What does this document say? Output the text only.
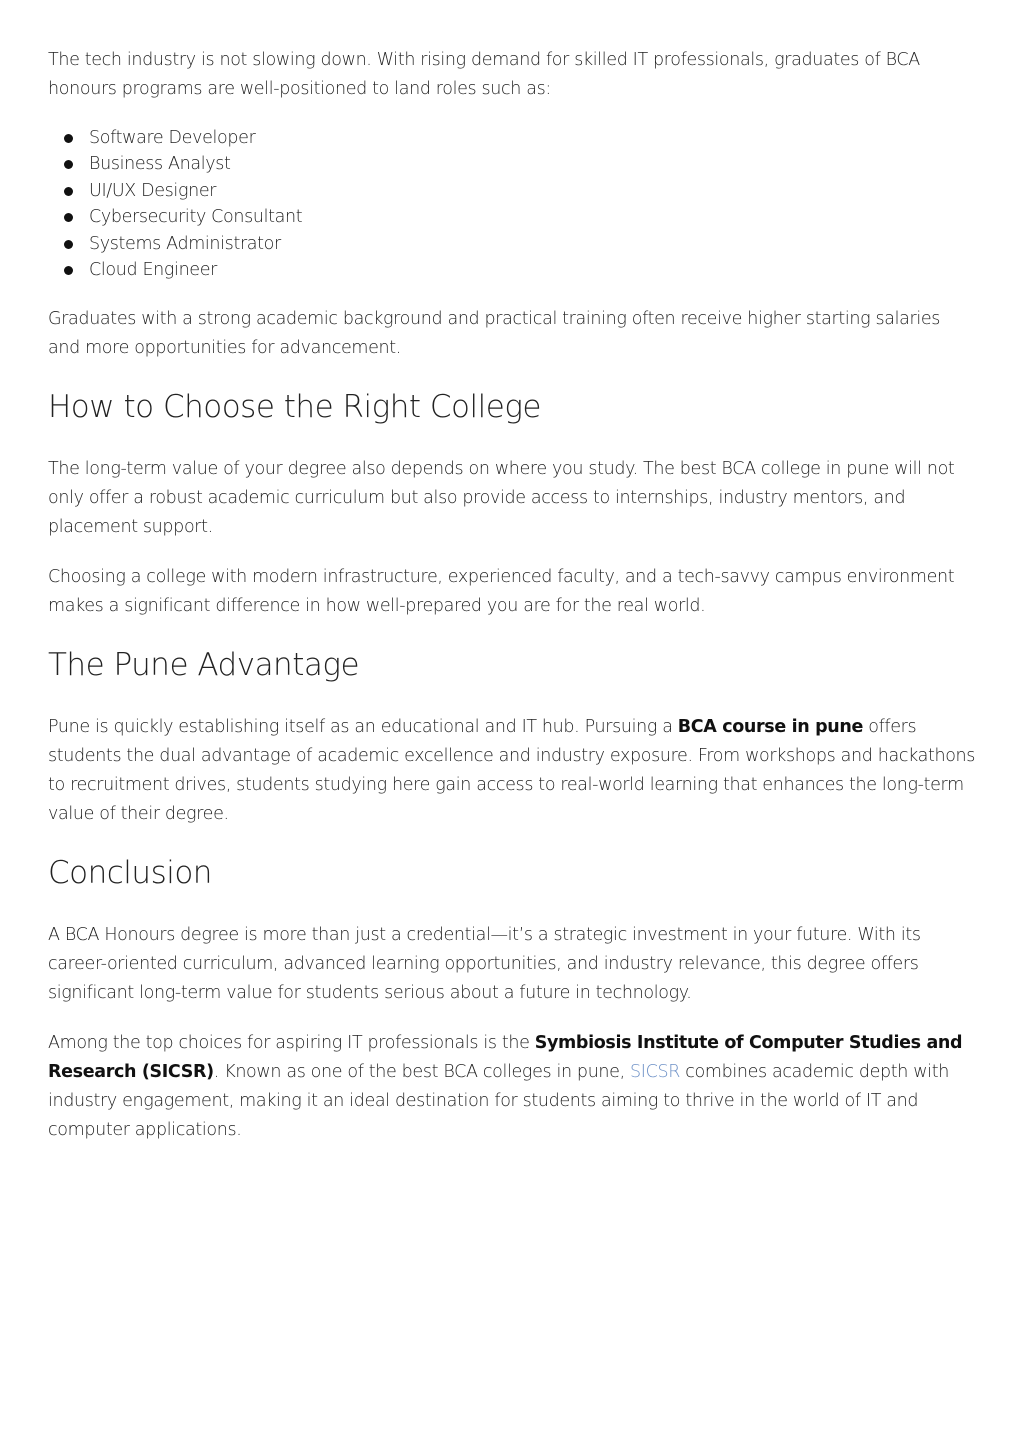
The tech industry is not slowing down. With rising demand for skilled IT professionals, graduates of BCA honours programs are well-positioned to land roles such as:

Software Developer
Business Analyst
UI/UX Designer
Cybersecurity Consultant
Systems Administrator
Cloud Engineer

Graduates with a strong academic background and practical training often receive higher starting salaries and more opportunities for advancement.

How to Choose the Right College

The long-term value of your degree also depends on where you study. The best BCA college in pune will not only offer a robust academic curriculum but also provide access to internships, industry mentors, and placement support.

Choosing a college with modern infrastructure, experienced faculty, and a tech-savvy campus environment makes a significant difference in how well-prepared you are for the real world.

The Pune Advantage

Pune is quickly establishing itself as an educational and IT hub. Pursuing a BCA course in pune offers students the dual advantage of academic excellence and industry exposure. From workshops and hackathons to recruitment drives, students studying here gain access to real-world learning that enhances the long-term value of their degree.

Conclusion

A BCA Honours degree is more than just a credential—it’s a strategic investment in your future. With its career-oriented curriculum, advanced learning opportunities, and industry relevance, this degree offers significant long-term value for students serious about a future in technology.

Among the top choices for aspiring IT professionals is the Symbiosis Institute of Computer Studies and Research (SICSR). Known as one of the best BCA colleges in pune, SICSR combines academic depth with industry engagement, making it an ideal destination for students aiming to thrive in the world of IT and computer applications.
